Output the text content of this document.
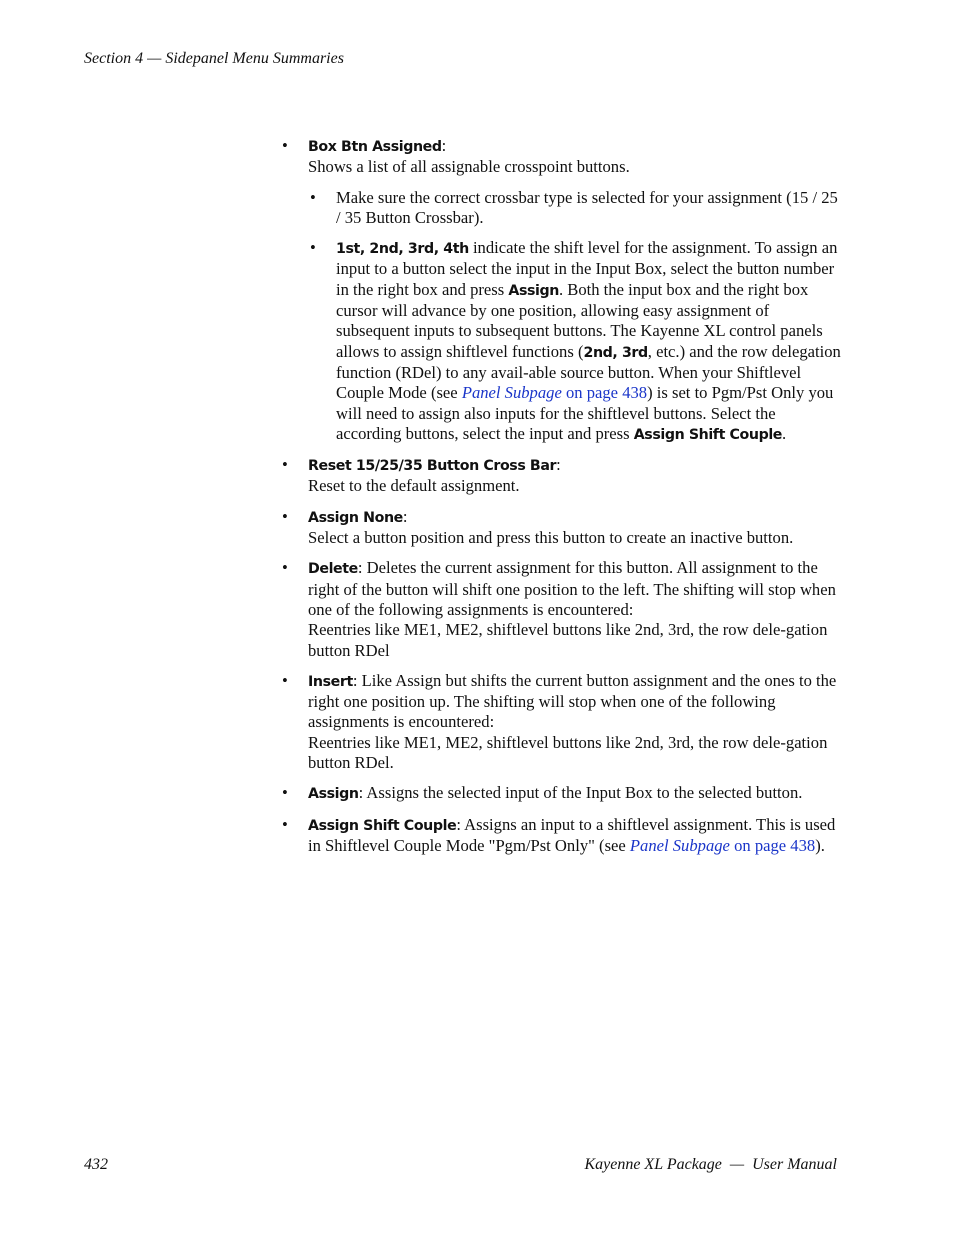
Section 4 — Sidepanel Menu Summaries
• Box Btn Assigned:
Shows a list of all assignable crosspoint buttons.
• Make sure the correct crossbar type is selected for your assignment (15 / 25 / 35 Button Crossbar).
• 1st, 2nd, 3rd, 4th indicate the shift level for the assignment. To assign an input to a button select the input in the Input Box, select the button number in the right box and press Assign. Both the input box and the right box cursor will advance by one position, allowing easy assignment of subsequent inputs to subsequent buttons. The Kayenne XL control panels allows to assign shiftlevel functions (2nd, 3rd, etc.) and the row delegation function (RDel) to any avail-able source button. When your Shiftlevel Couple Mode (see Panel Subpage on page 438) is set to Pgm/Pst Only you will need to assign also inputs for the shiftlevel buttons. Select the according buttons, select the input and press Assign Shift Couple.
• Reset 15/25/35 Button Cross Bar:
Reset to the default assignment.
• Assign None:
Select a button position and press this button to create an inactive button.
• Delete: Deletes the current assignment for this button. All assignment to the right of the button will shift one position to the left. The shifting will stop when one of the following assignments is encountered:
Reentries like ME1, ME2, shiftlevel buttons like 2nd, 3rd, the row dele-gation button RDel
• Insert: Like Assign but shifts the current button assignment and the ones to the right one position up. The shifting will stop when one of the following assignments is encountered:
Reentries like ME1, ME2, shiftlevel buttons like 2nd, 3rd, the row dele-gation button RDel.
• Assign: Assigns the selected input of the Input Box to the selected button.
• Assign Shift Couple: Assigns an input to a shiftlevel assignment. This is used in Shiftlevel Couple Mode "Pgm/Pst Only" (see Panel Subpage on page 438).
432	Kayenne XL Package  —  User Manual
